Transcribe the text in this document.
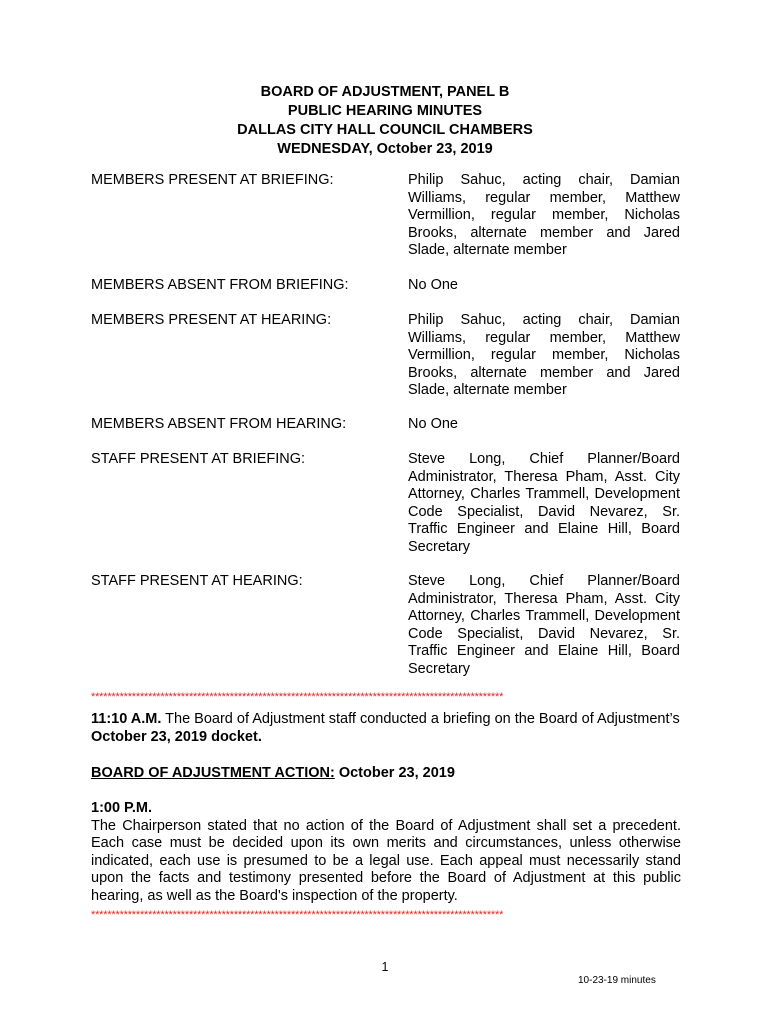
BOARD OF ADJUSTMENT, PANEL B
PUBLIC HEARING MINUTES
DALLAS CITY HALL COUNCIL CHAMBERS
WEDNESDAY, October 23, 2019
MEMBERS PRESENT AT BRIEFING:	Philip Sahuc, acting chair, Damian Williams, regular member, Matthew Vermillion, regular member, Nicholas Brooks, alternate member and Jared Slade, alternate member
MEMBERS ABSENT FROM BRIEFING:	No One
MEMBERS PRESENT AT HEARING:	Philip Sahuc, acting chair, Damian Williams, regular member, Matthew Vermillion, regular member, Nicholas Brooks, alternate member and Jared Slade, alternate member
MEMBERS ABSENT FROM HEARING:	No One
STAFF PRESENT AT BRIEFING:	Steve Long, Chief Planner/Board Administrator, Theresa Pham, Asst. City Attorney, Charles Trammell, Development Code Specialist, David Nevarez, Sr. Traffic Engineer and Elaine Hill, Board Secretary
STAFF PRESENT AT HEARING:	Steve Long, Chief Planner/Board Administrator, Theresa Pham, Asst. City Attorney, Charles Trammell, Development Code Specialist, David Nevarez, Sr. Traffic Engineer and Elaine Hill, Board Secretary
*****************************************************************************************************
11:10 A.M. The Board of Adjustment staff conducted a briefing on the Board of Adjustment’s October 23, 2019 docket.
BOARD OF ADJUSTMENT ACTION: October 23, 2019
1:00 P.M.
The Chairperson stated that no action of the Board of Adjustment shall set a precedent. Each case must be decided upon its own merits and circumstances, unless otherwise indicated, each use is presumed to be a legal use. Each appeal must necessarily stand upon the facts and testimony presented before the Board of Adjustment at this public hearing, as well as the Board's inspection of the property.
*****************************************************************************************************
1
10-23-19 minutes
